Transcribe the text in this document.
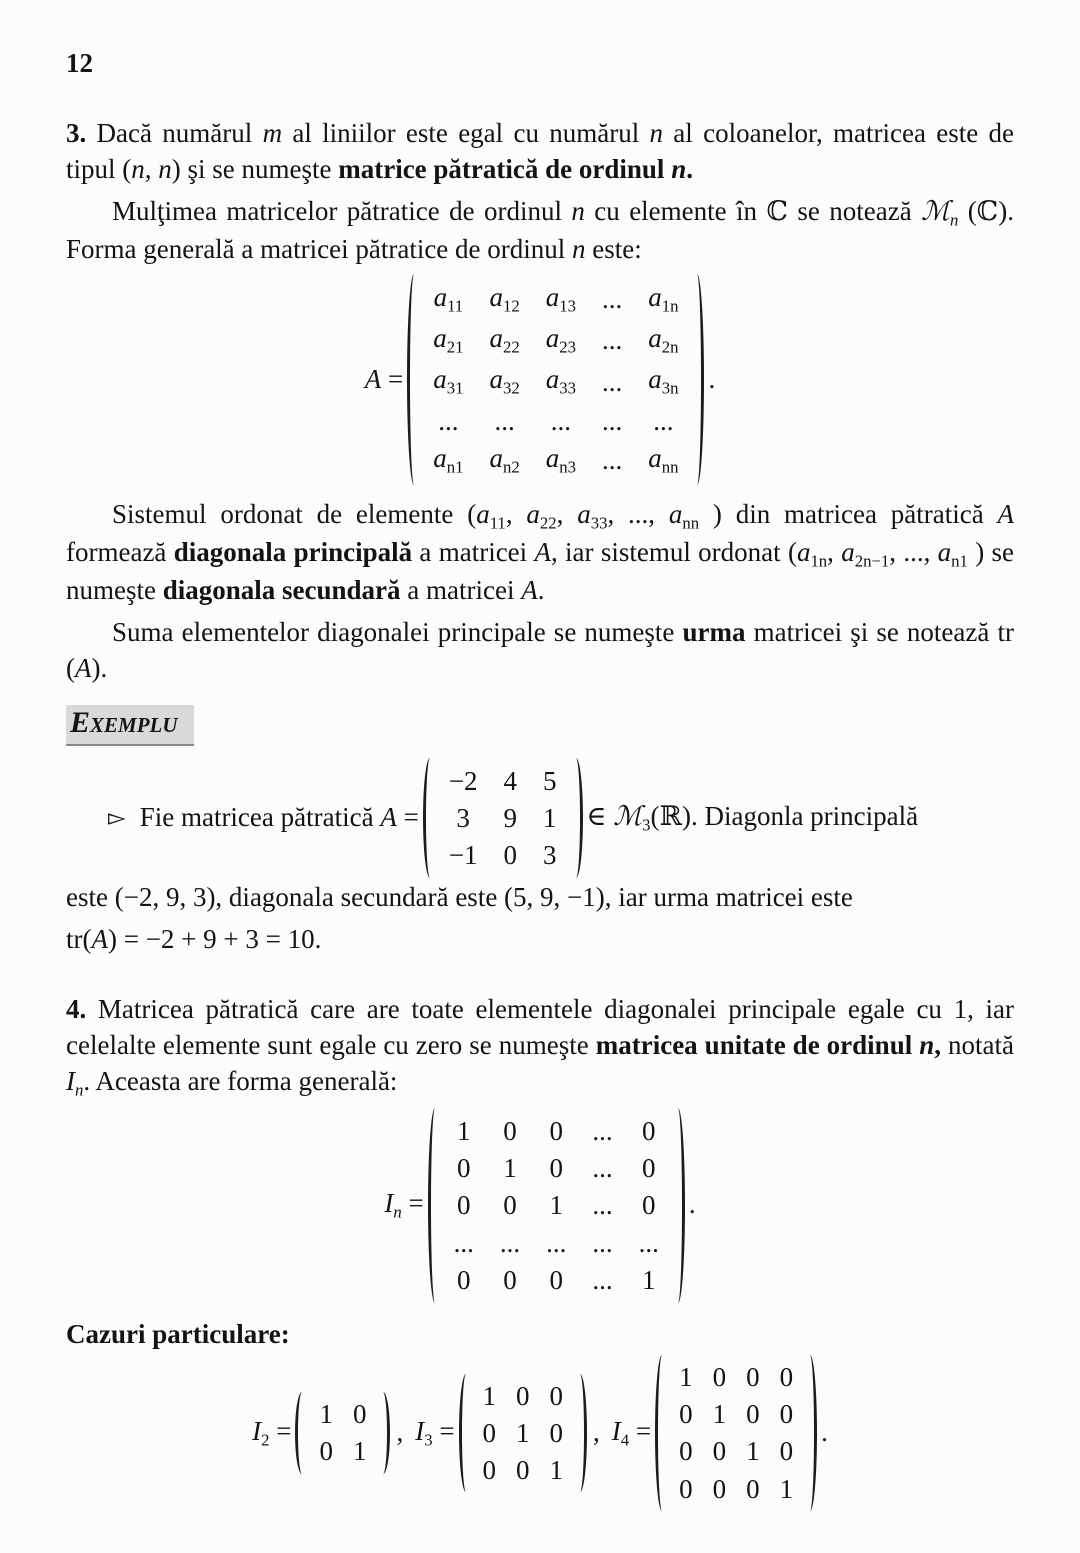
12

3. Dacă numărul m al liniilor este egal cu numărul n al coloanelor, matricea este de tipul (n, n) şi se numeşte matrice pătratică de ordinul n.

Mulţimea matricelor pătratice de ordinul n cu elemente în ℂ se notează ℳ$_n$ (ℂ). Forma generală a matricei pătratice de ordinul n este:

A =
$a_{11}$ $a_{12}$ $a_{13}$ ... $a_{1n}$
$a_{21}$ $a_{22}$ $a_{23}$ ... $a_{2n}$
$a_{31}$ $a_{32}$ $a_{33}$ ... $a_{3n}$
... ... ... ... ...
$a_{n1}$ $a_{n2}$ $a_{n3}$ ... $a_{nn}$
.

Sistemul ordonat de elemente ($a_{11}$, $a_{22}$, $a_{33}$, ..., $a_{nn}$ ) din matricea pătratică A formează diagonala principală a matricei A, iar sistemul ordonat ($a_{1n}$, $a_{2n-1}$, ..., $a_{n1}$ ) se numeşte diagonala secundară a matricei A.

Suma elementelor diagonalei principale se numeşte urma matricei şi se notează tr (A).

Exemplu
▻ Fie matricea pătratică A =
−2 4 5
3 9 1
−1 0 3
∈ ℳ$_3$(ℝ). Diagonla principală

este (−2, 9, 3), diagonala secundară este (5, 9, −1), iar urma matricei este

tr(A) = −2 + 9 + 3 = 10.

4. Matricea pătratică care are toate elementele diagonalei principale egale cu 1, iar celelalte elemente sunt egale cu zero se numeşte matricea unitate de ordinul n, notată $I_n$. Aceasta are forma generală:

$I_n$ =
1 0 0 ... 0
0 1 0 ... 0
0 0 1 ... 0
... ... ... ... ...
0 0 0 ... 1
.
Cazuri particulare:
$I_2$ =
1 0
0 1
, $I_3$ =
1 0 0
0 1 0
0 0 1
, $I_4$ =
1 0 0 0
0 1 0 0
0 0 1 0
0 0 0 1
.
